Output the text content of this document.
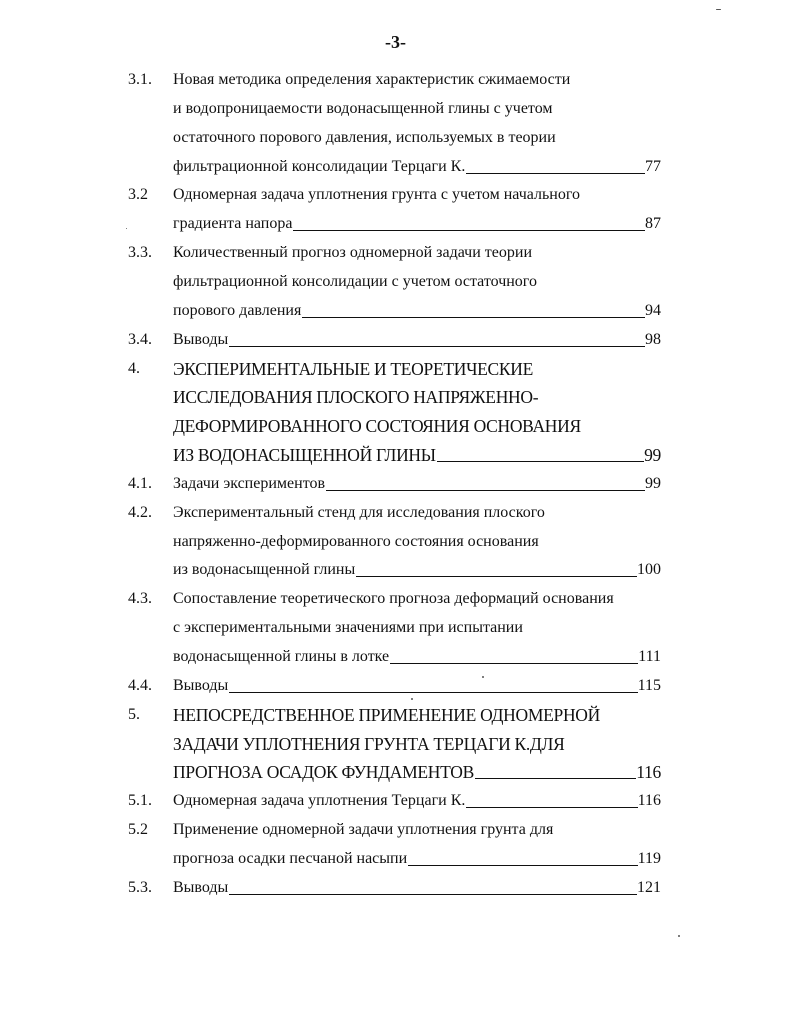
-3-
3.1. Новая методика определения характеристик сжимаемости
и водопроницаемости водонасыщенной глины с учетом
остаточного порового давления, используемых в теории
фильтрационной консолидации Терцаги К.	77
3.2 Одномерная задача уплотнения грунта с учетом начального
градиента напора	87
3.3. Количественный прогноз одномерной задачи теории
фильтрационной консолидации с учетом остаточного
порового давления	94
3.4. Выводы	98
4. ЭКСПЕРИМЕНТАЛЬНЫЕ И ТЕОРЕТИЧЕСКИЕ
ИССЛЕДОВАНИЯ ПЛОСКОГО НАПРЯЖЕННО-
ДЕФОРМИРОВАННОГО СОСТОЯНИЯ ОСНОВАНИЯ
ИЗ ВОДОНАСЫЩЕННОЙ ГЛИНЫ	99
4.1. Задачи экспериментов	99
4.2. Экспериментальный стенд для исследования плоского
напряженно-деформированного состояния основания
из водонасыщенной глины	100
4.3. Сопоставление теоретического прогноза деформаций основания
с экспериментальными значениями при испытании
водонасыщенной глины в лотке	111
4.4. Выводы	115
5. НЕПОСРЕДСТВЕННОЕ ПРИМЕНЕНИЕ ОДНОМЕРНОЙ
ЗАДАЧИ УПЛОТНЕНИЯ ГРУНТА ТЕРЦАГИ К.ДЛЯ
ПРОГНОЗА ОСАДОК ФУНДАМЕНТОВ	116
5.1. Одномерная задача уплотнения Терцаги К.	116
5.2 Применение одномерной задачи уплотнения грунта для
прогноза осадки песчаной насыпи	119
5.3. Выводы	121
